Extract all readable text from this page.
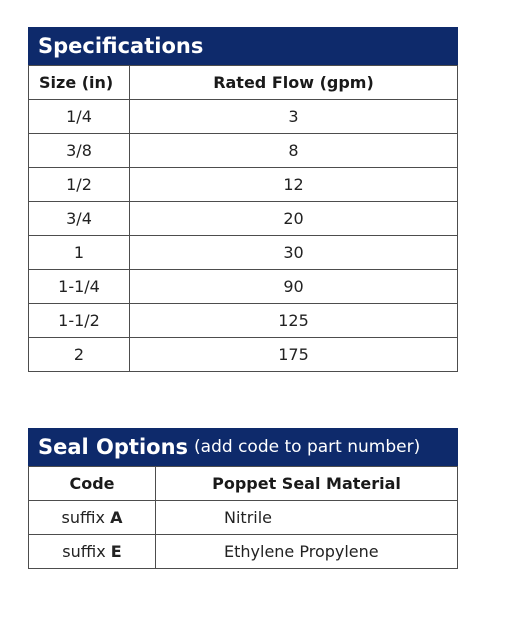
Specifications
Size (in)	Rated Flow (gpm)
1/4	3
3/8	8
1/2	12
3/4	20
1	30
1-1/4	90
1-1/2	125
2	175
Seal Options (add code to part number)
Code	Poppet Seal Material
suffix A	Nitrile
suffix E	Ethylene Propylene
